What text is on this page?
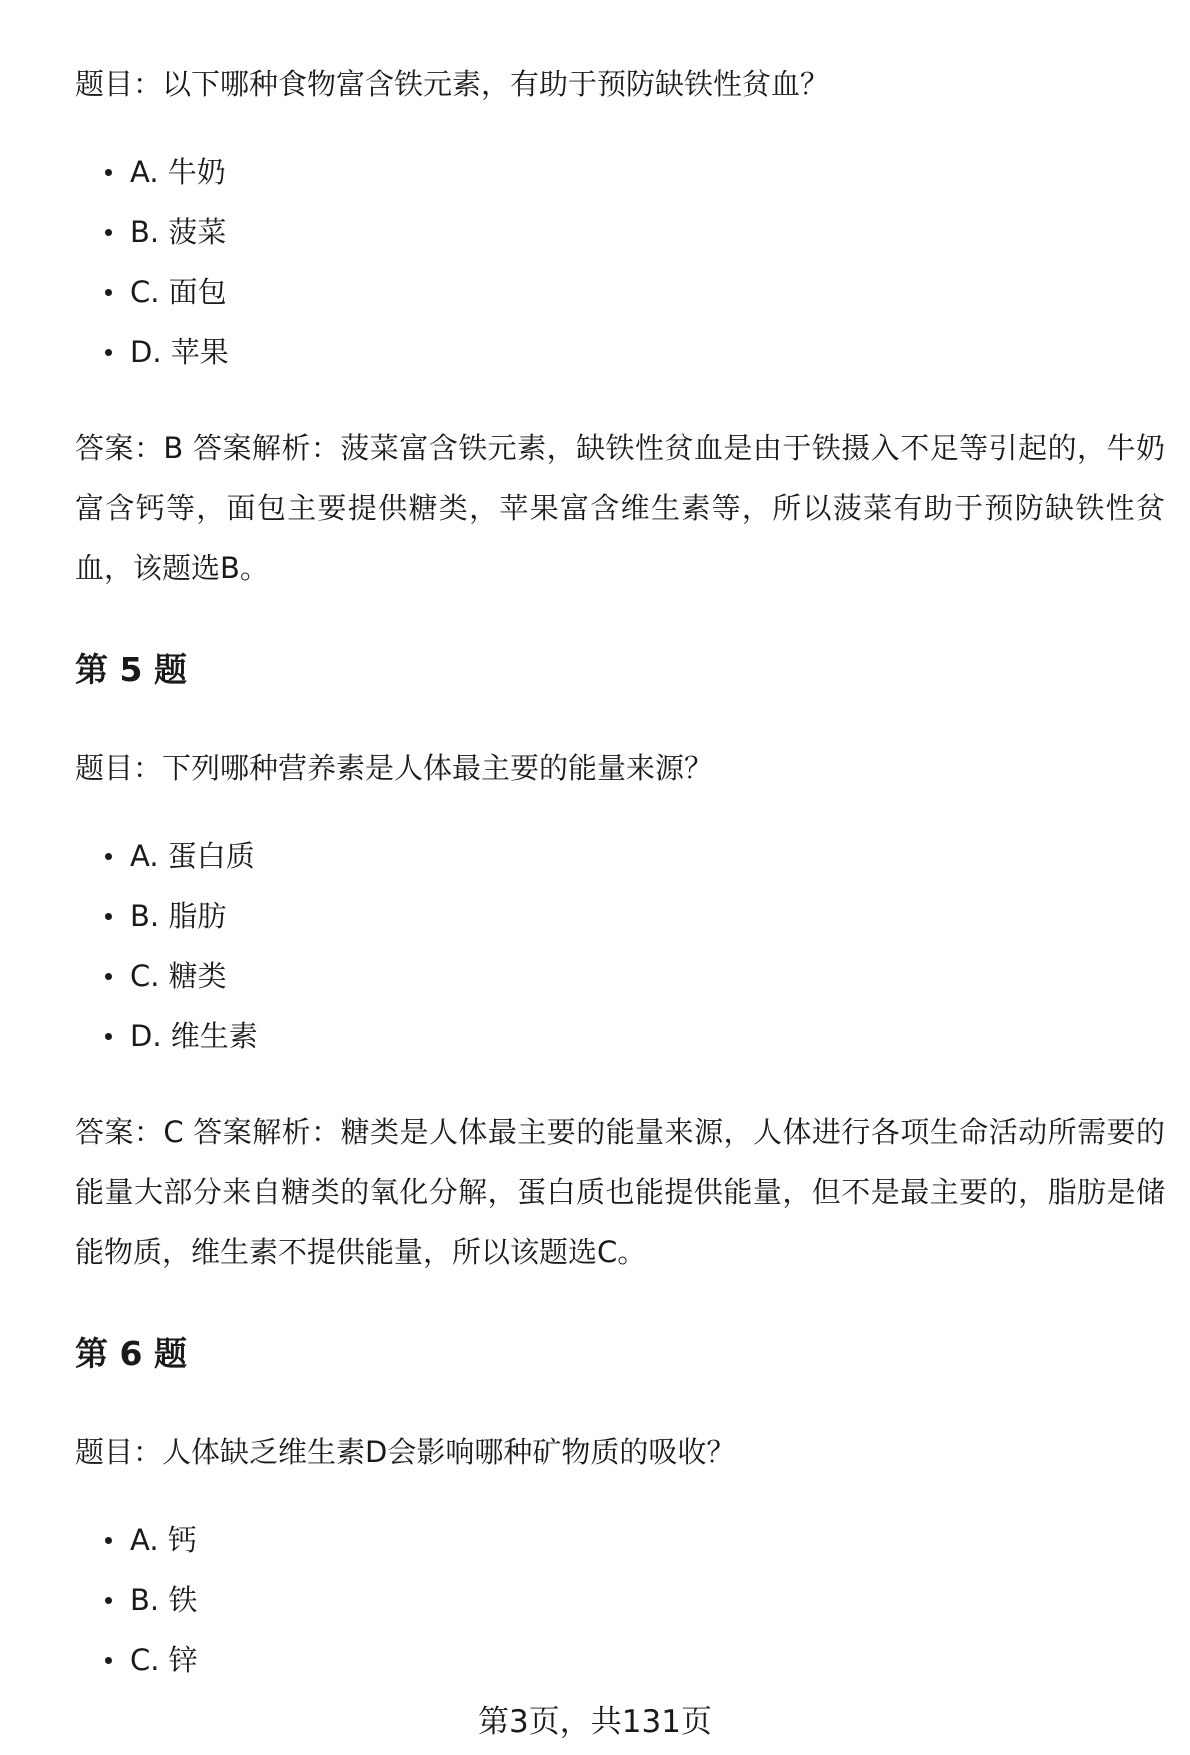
题目：以下哪种食物富含铁元素，有助于预防缺铁性贫血？

A. 牛奶
B. 菠菜
C. 面包
D. 苹果

答案：B 答案解析：菠菜富含铁元素，缺铁性贫血是由于铁摄入不足等引起的，牛奶富含钙等，面包主要提供糖类，苹果富含维生素等，所以菠菜有助于预防缺铁性贫血，该题选B。

第 5 题

题目：下列哪种营养素是人体最主要的能量来源？

A. 蛋白质
B. 脂肪
C. 糖类
D. 维生素

答案：C 答案解析：糖类是人体最主要的能量来源，人体进行各项生命活动所需要的能量大部分来自糖类的氧化分解，蛋白质也能提供能量，但不是最主要的，脂肪是储能物质，维生素不提供能量，所以该题选C。

第 6 题

题目：人体缺乏维生素D会影响哪种矿物质的吸收？

A. 钙
B. 铁
C. 锌
第3页，共131页
